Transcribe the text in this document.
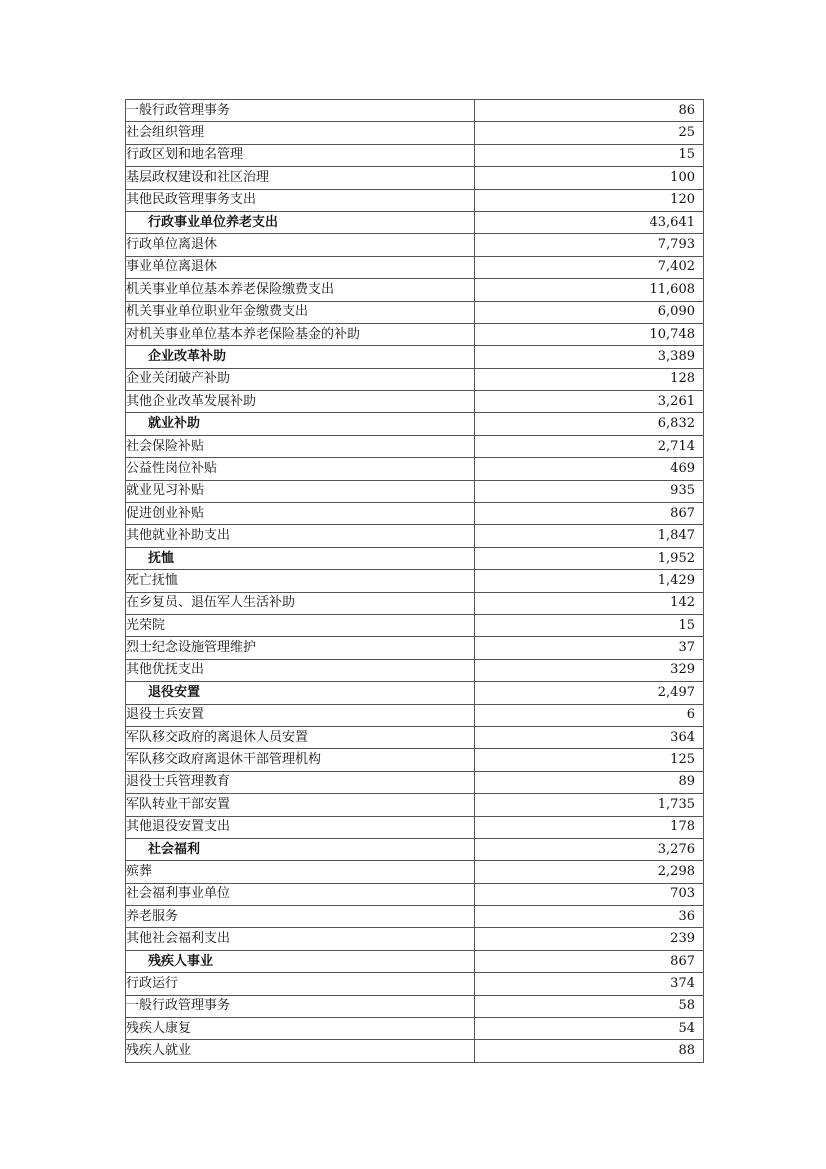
一般行政管理事务	86
社会组织管理	25
行政区划和地名管理	15
基层政权建设和社区治理	100
其他民政管理事务支出	120
行政事业单位养老支出	43,641
行政单位离退休	7,793
事业单位离退休	7,402
机关事业单位基本养老保险缴费支出	11,608
机关事业单位职业年金缴费支出	6,090
对机关事业单位基本养老保险基金的补助	10,748
企业改革补助	3,389
企业关闭破产补助	128
其他企业改革发展补助	3,261
就业补助	6,832
社会保险补贴	2,714
公益性岗位补贴	469
就业见习补贴	935
促进创业补贴	867
其他就业补助支出	1,847
抚恤	1,952
死亡抚恤	1,429
在乡复员、退伍军人生活补助	142
光荣院	15
烈士纪念设施管理维护	37
其他优抚支出	329
退役安置	2,497
退役士兵安置	6
军队移交政府的离退休人员安置	364
军队移交政府离退休干部管理机构	125
退役士兵管理教育	89
军队转业干部安置	1,735
其他退役安置支出	178
社会福利	3,276
殡葬	2,298
社会福利事业单位	703
养老服务	36
其他社会福利支出	239
残疾人事业	867
行政运行	374
一般行政管理事务	58
残疾人康复	54
残疾人就业	88
